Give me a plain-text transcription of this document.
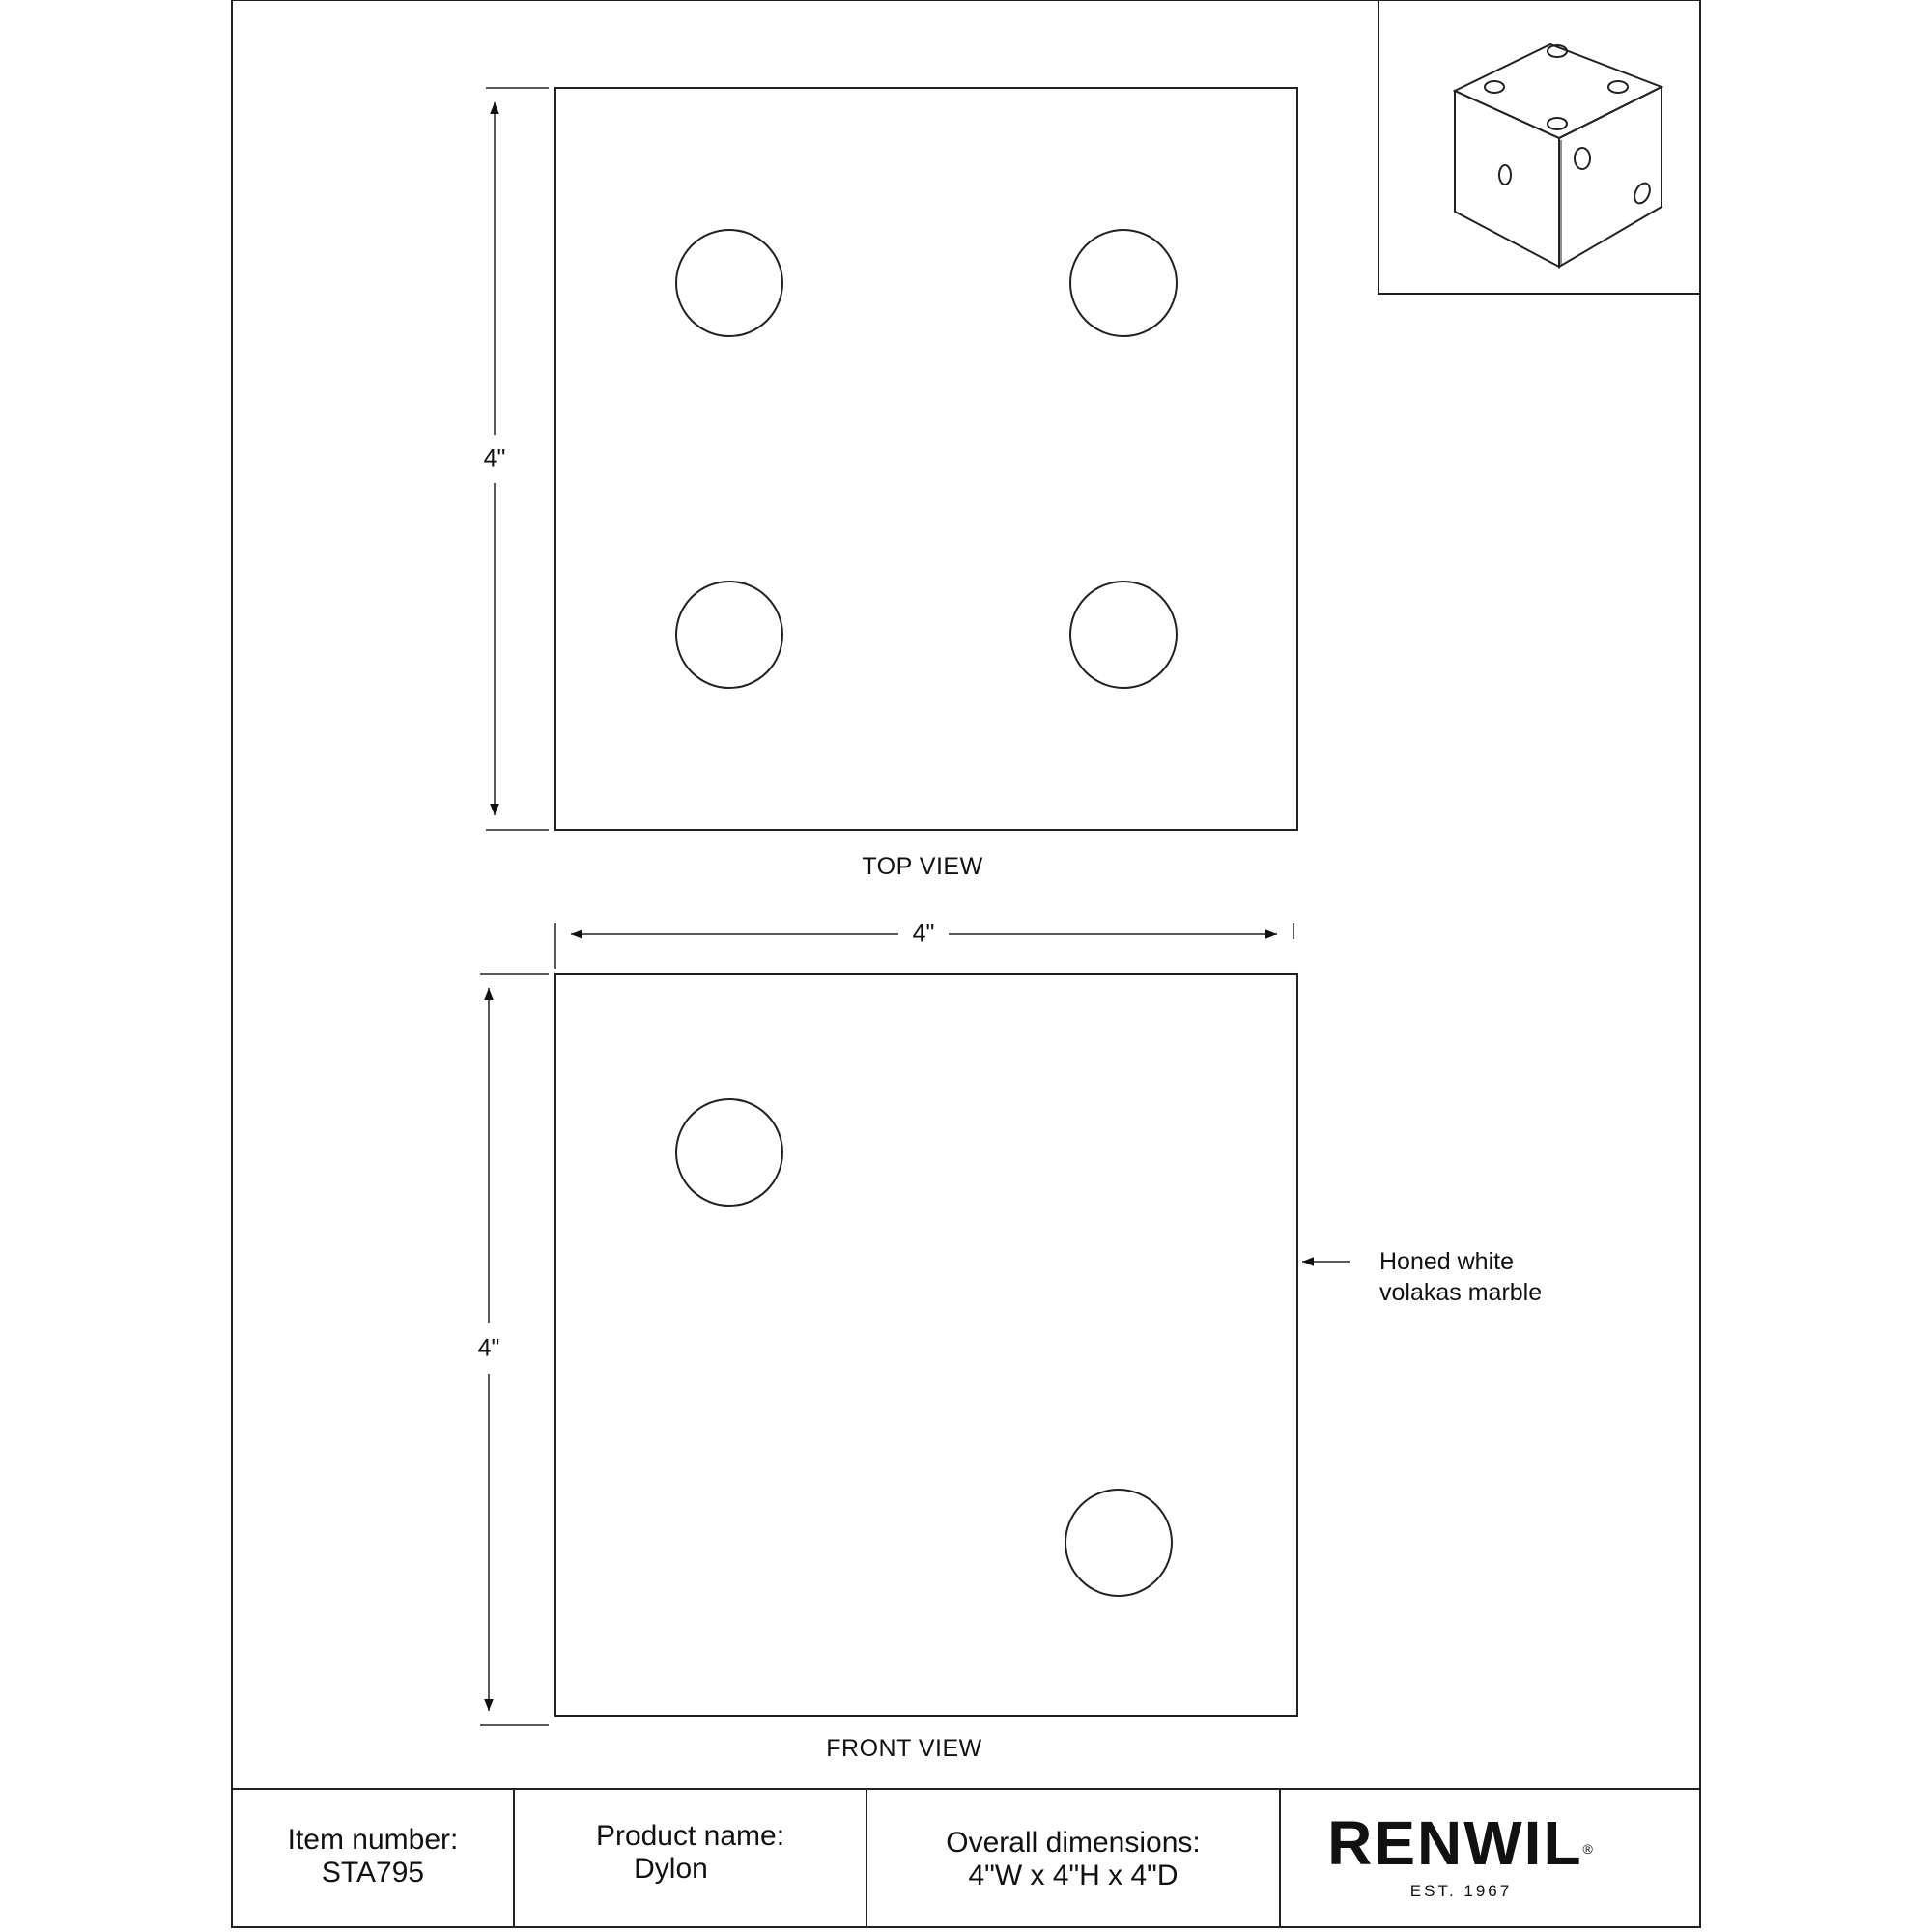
4"
TOP VIEW
4"
4"
FRONT VIEW
Honed white
volakas marble
Item number:
STA795
Product name:
Dylon
Overall dimensions:
4"W x 4"H x 4"D RENWIL®
EST. 1967
